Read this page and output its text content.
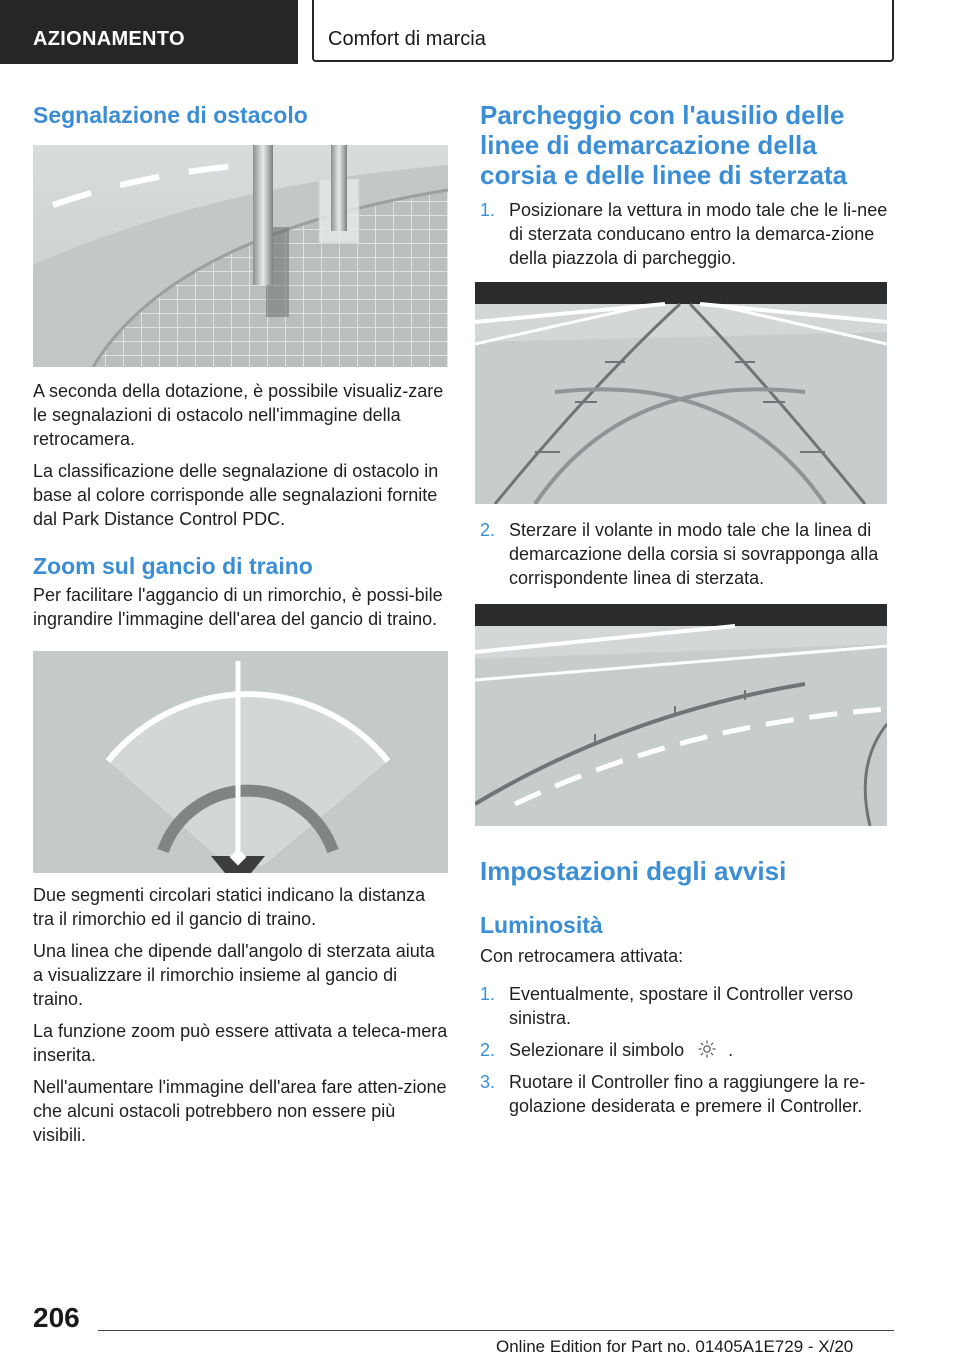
AZIONAMENTO	Comfort di marcia
Segnalazione di ostacolo

A seconda della dotazione, è possibile visualiz-zare le segnalazioni di ostacolo nell'immagine della retrocamera.

La classificazione delle segnalazione di ostacolo in base al colore corrisponde alle segnalazioni fornite dal Park Distance Control PDC.

Zoom sul gancio di traino

Per facilitare l'aggancio di un rimorchio, è possi-bile ingrandire l'immagine dell'area del gancio di traino.

Due segmenti circolari statici indicano la distanza tra il rimorchio ed il gancio di traino.

Una linea che dipende dall'angolo di sterzata aiuta a visualizzare il rimorchio insieme al gancio di traino.

La funzione zoom può essere attivata a teleca-mera inserita.

Nell'aumentare l'immagine dell'area fare atten-zione che alcuni ostacoli potrebbero non essere più visibili.

Parcheggio con l'ausilio delle linee di demarcazione della corsia e delle linee di sterzata
1. Posizionare la vettura in modo tale che le li-nee di sterzata conducano entro la demarca-zione della piazzola di parcheggio.
2. Sterzare il volante in modo tale che la linea di demarcazione della corsia si sovrapponga alla corrispondente linea di sterzata.
Impostazioni degli avvisi
Luminosità

Con retrocamera attivata:

1. Eventualmente, spostare il Controller verso sinistra.
2. Selezionare il simbolo .
3. Ruotare il Controller fino a raggiungere la re-golazione desiderata e premere il Controller.
206
Online Edition for Part no. 01405A1E729 - X/20
